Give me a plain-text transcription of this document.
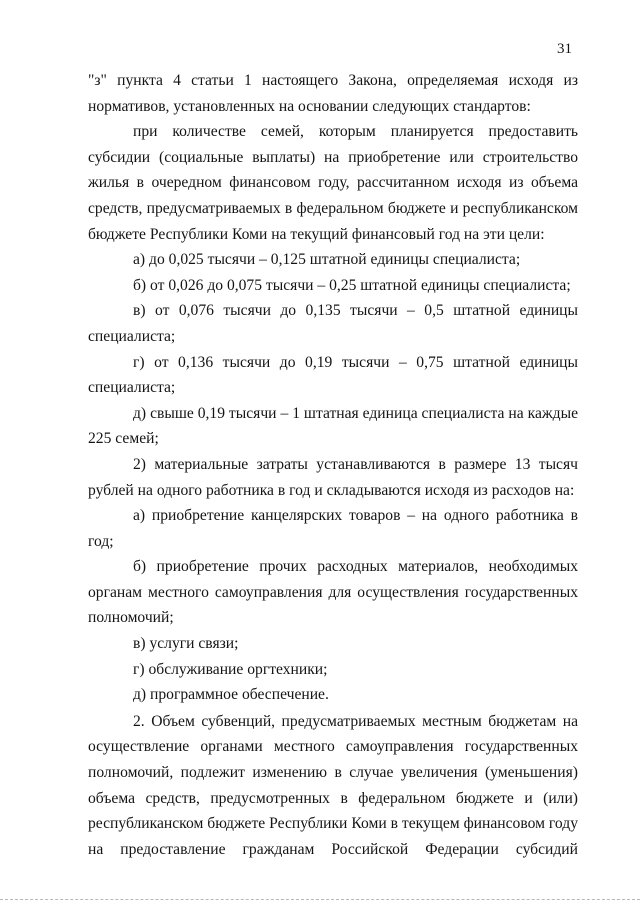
31

"з" пункта 4 статьи 1 настоящего Закона, определяемая исходя из нормативов, установленных на основании следующих стандартов:

при количестве семей, которым планируется предоставить субсидии (социальные выплаты) на приобретение или строительство жилья в очередном финансовом году, рассчитанном исходя из объема средств, предусматриваемых в федеральном бюджете и республиканском бюджете Республики Коми на текущий финансовый год на эти цели:

а) до 0,025 тысячи – 0,125 штатной единицы специалиста;

б) от 0,026 до 0,075 тысячи – 0,25 штатной единицы специалиста;

в) от 0,076 тысячи до 0,135 тысячи – 0,5 штатной единицы специалиста;

г) от 0,136 тысячи до 0,19 тысячи – 0,75 штатной единицы специалиста;

д) свыше 0,19 тысячи – 1 штатная единица специалиста на каждые 225 семей;

2) материальные затраты устанавливаются в размере 13 тысяч рублей на одного работника в год и складываются исходя из расходов на:

а) приобретение канцелярских товаров – на одного работника в год;

б) приобретение прочих расходных материалов, необходимых органам местного самоуправления для осуществления государственных полномочий;

в) услуги связи;

г) обслуживание оргтехники;

д) программное обеспечение.

2. Объем субвенций, предусматриваемых местным бюджетам на осуществление органами местного самоуправления государственных полномочий, подлежит изменению в случае увеличения (уменьшения) объема средств, предусмотренных в федеральном бюджете и (или) республиканском бюджете Республики Коми в текущем финансовом году на предоставление гражданам Российской Федерации субсидий
